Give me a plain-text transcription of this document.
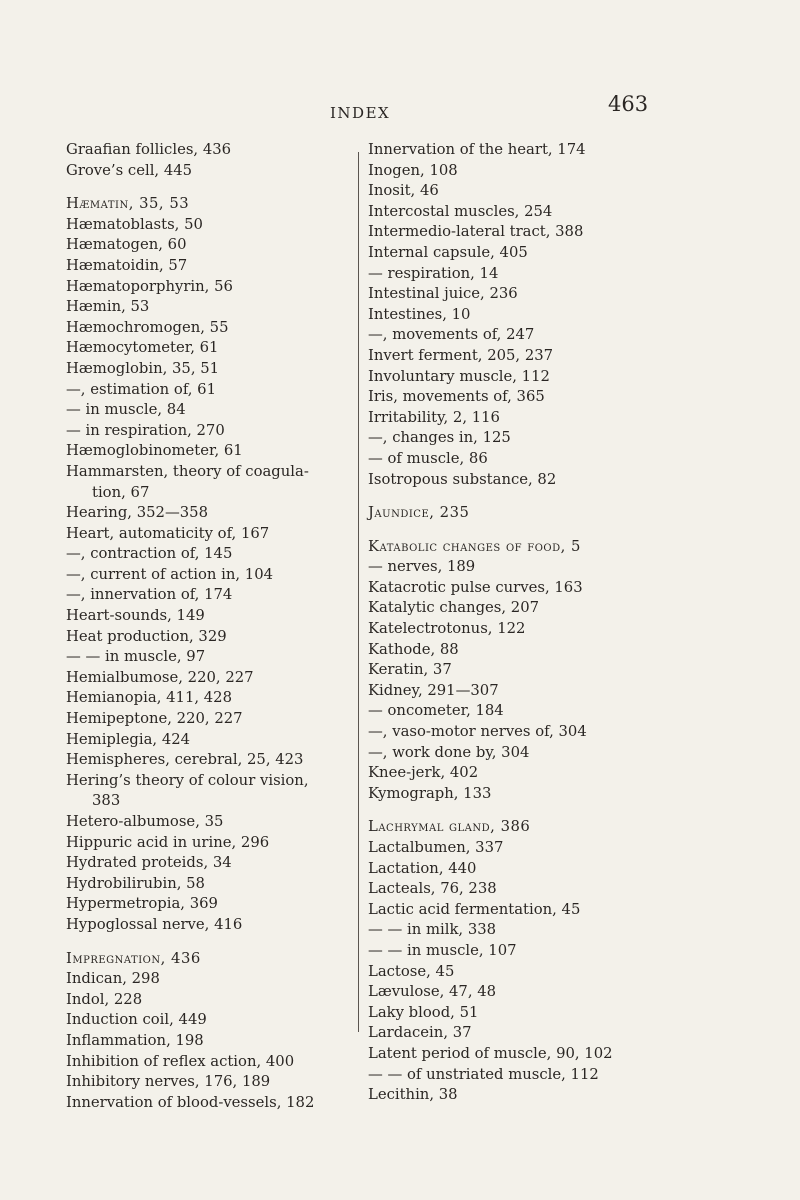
INDEX	463
Graafian follicles, 436
Grove’s cell, 445
Hæmatin, 35, 53
Hæmatoblasts, 50
Hæmatogen, 60
Hæmatoidin, 57
Hæmatoporphyrin, 56
Hæmin, 53
Hæmochromogen, 55
Hæmocytometer, 61
Hæmoglobin, 35, 51
—, estimation of, 61
— in muscle, 84
— in respiration, 270
Hæmoglobinometer, 61
Hammarsten, theory of coagula-
tion, 67
Hearing, 352—358
Heart, automaticity of, 167
—, contraction of, 145
—, current of action in, 104
—, innervation of, 174
Heart-sounds, 149
Heat production, 329
— — in muscle, 97
Hemialbumose, 220, 227
Hemianopia, 411, 428
Hemipeptone, 220, 227
Hemiplegia, 424
Hemispheres, cerebral, 25, 423
Hering’s theory of colour vision,
383
Hetero-albumose, 35
Hippuric acid in urine, 296
Hydrated proteids, 34
Hydrobilirubin, 58
Hypermetropia, 369
Hypoglossal nerve, 416
Impregnation, 436
Indican, 298
Indol, 228
Induction coil, 449
Inflammation, 198
Inhibition of reflex action, 400
Inhibitory nerves, 176, 189
Innervation of blood-vessels, 182
Innervation of the heart, 174
Inogen, 108
Inosit, 46
Intercostal muscles, 254
Intermedio-lateral tract, 388
Internal capsule, 405
— respiration, 14
Intestinal juice, 236
Intestines, 10
—, movements of, 247
Invert ferment, 205, 237
Involuntary muscle, 112
Iris, movements of, 365
Irritability, 2, 116
—, changes in, 125
— of muscle, 86
Isotropous substance, 82
Jaundice, 235
Katabolic changes of food, 5
— nerves, 189
Katacrotic pulse curves, 163
Katalytic changes, 207
Katelectrotonus, 122
Kathode, 88
Keratin, 37
Kidney, 291—307
— oncometer, 184
—, vaso-motor nerves of, 304
—, work done by, 304
Knee-jerk, 402
Kymograph, 133
Lachrymal gland, 386
Lactalbumen, 337
Lactation, 440
Lacteals, 76, 238
Lactic acid fermentation, 45
— — in milk, 338
— — in muscle, 107
Lactose, 45
Lævulose, 47, 48
Laky blood, 51
Lardacein, 37
Latent period of muscle, 90, 102
— — of unstriated muscle, 112
Lecithin, 38
